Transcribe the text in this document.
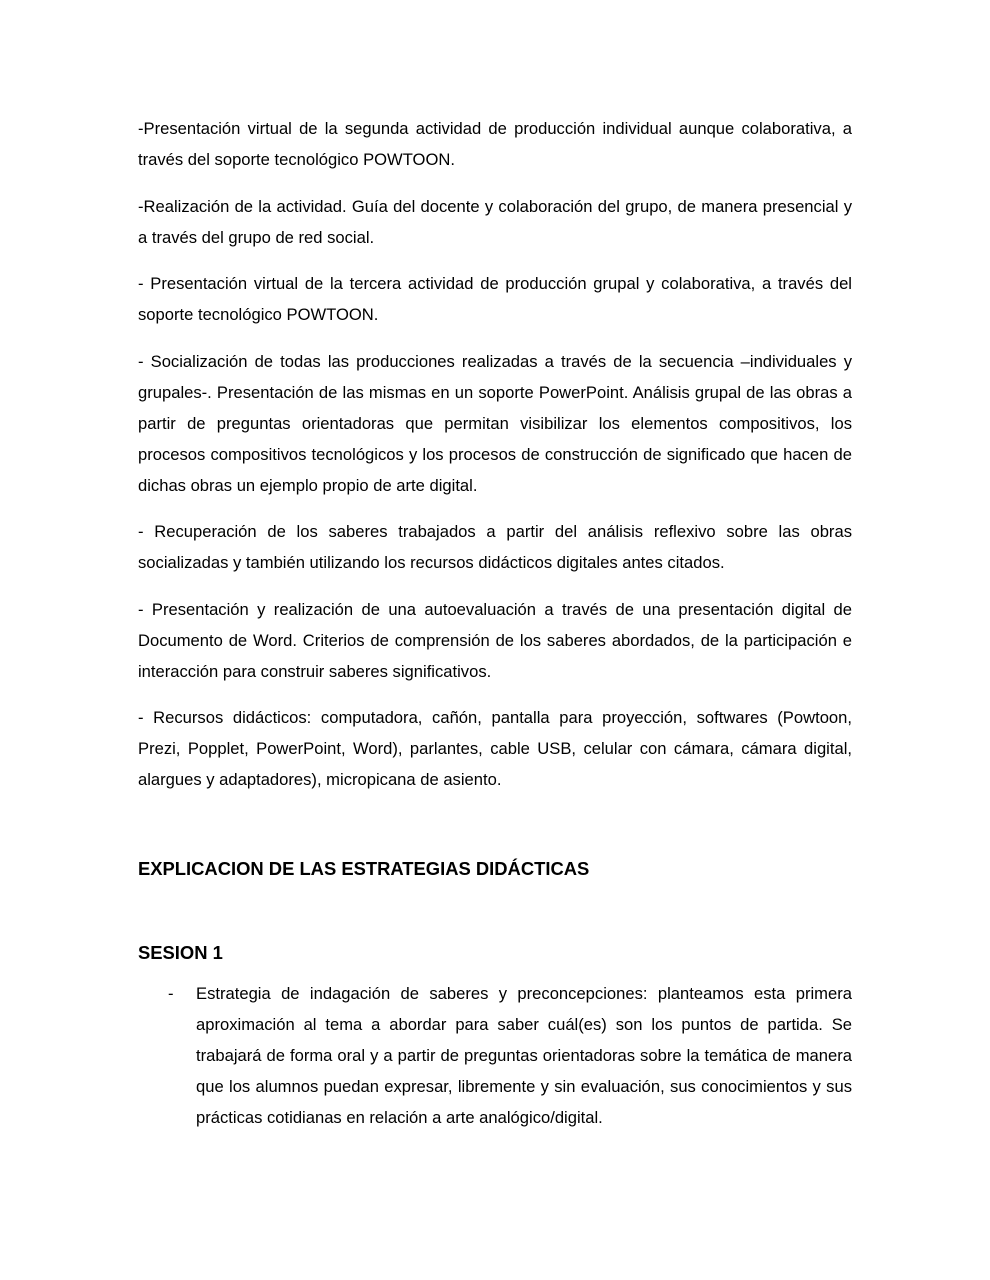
-Presentación virtual de la segunda actividad de producción individual aunque colaborativa, a través del soporte tecnológico POWTOON.

-Realización de la actividad. Guía del docente y colaboración del grupo, de manera presencial y a través del grupo de red social.

- Presentación virtual de la tercera actividad de producción grupal y colaborativa, a través del soporte tecnológico POWTOON.

- Socialización de todas las producciones realizadas a través de la secuencia –individuales y grupales-. Presentación de las mismas en un soporte PowerPoint. Análisis grupal de las obras a partir de preguntas orientadoras que permitan visibilizar los elementos compositivos, los procesos compositivos tecnológicos y los procesos de construcción de significado que hacen de dichas obras un ejemplo propio de arte digital.

- Recuperación de los saberes trabajados a partir del análisis reflexivo sobre las obras socializadas y también utilizando los recursos didácticos digitales antes citados.

- Presentación y realización de una autoevaluación a través de una presentación digital de Documento de Word. Criterios de comprensión de los saberes abordados, de la participación e interacción para construir saberes significativos.

- Recursos didácticos: computadora, cañón, pantalla para proyección, softwares (Powtoon, Prezi, Popplet, PowerPoint, Word), parlantes, cable USB, celular con cámara, cámara digital, alargues y adaptadores), micropicana de asiento.

EXPLICACION DE LAS ESTRATEGIAS DIDÁCTICAS
SESION 1
- Estrategia de indagación de saberes y preconcepciones: planteamos esta primera aproximación al tema a abordar para saber cuál(es) son los puntos de partida. Se trabajará de forma oral y a partir de preguntas orientadoras sobre la temática de manera que los alumnos puedan expresar, libremente y sin evaluación, sus conocimientos y sus prácticas cotidianas en relación a arte analógico/digital.
